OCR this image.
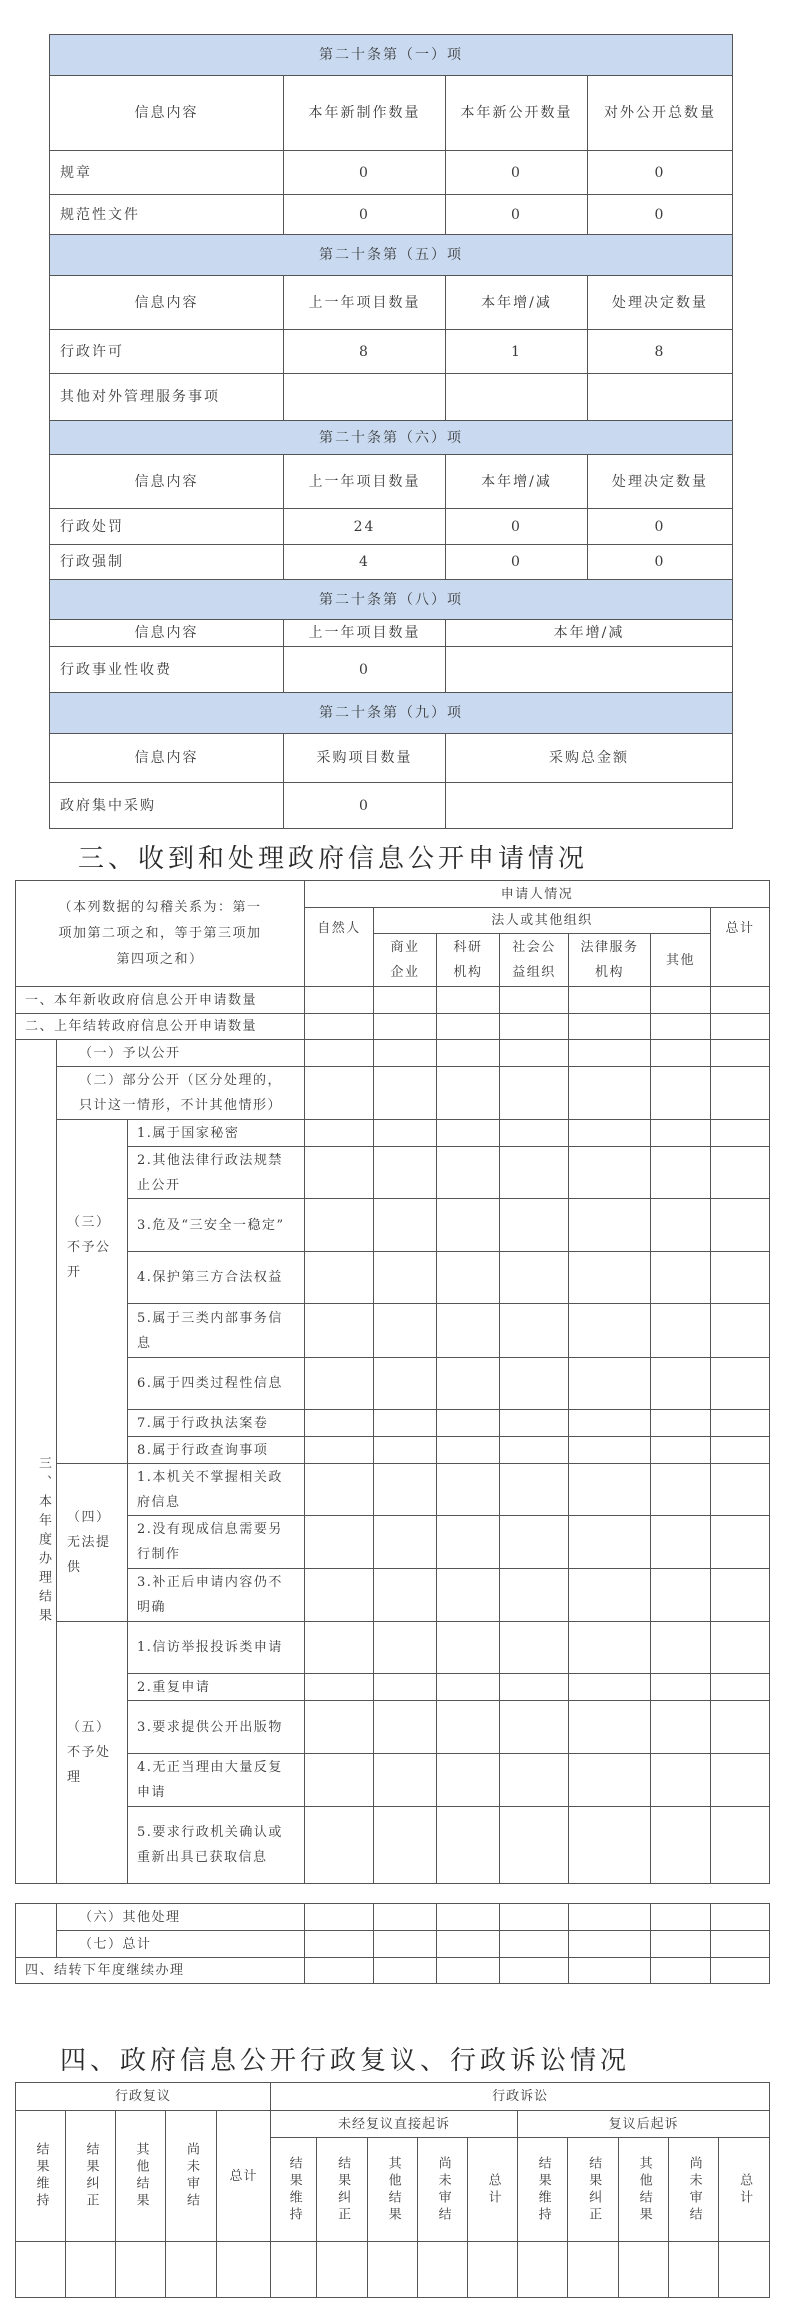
第二十条第（一）项			
信息内容	本年新制作数量	本年新公开数量	对外公开总数量
规章	0	0	0
规范性文件	0	0	0
第二十条第（五）项			
信息内容	上一年项目数量	本年增/减	处理决定数量
行政许可	8	1	8
其他对外管理服务事项			
第二十条第（六）项			
信息内容	上一年项目数量	本年增/减	处理决定数量
行政处罚	24	0	0
行政强制	4	0	0
第二十条第（八）项			
信息内容	上一年项目数量	本年增/减	
行政事业性收费	0		
第二十条第（九）项			
信息内容	采购项目数量	采购总金额	
政府集中采购	0		
三、收到和处理政府信息公开申请情况
（本列数据的勾稽关系为：第一项加第二项之和，等于第三项加第四项之和）			申请人情况						
			自然人	法人或其他组织					总计
				商业企业	科研机构	社会公益组织	法律服务机构	其他	
一、本年新收政府信息公开申请数量									
二、上年结转政府信息公开申请数量									
三、本年度办理结果	（一）予以公开								
	（二）部分公开（区分处理的，只计这一情形，不计其他情形）								
	（三）不予公开	1.属于国家秘密							
		2.其他法律行政法规禁止公开							
		3.危及“三安全一稳定”							
		4.保护第三方合法权益							
		5.属于三类内部事务信息							
		6.属于四类过程性信息							
		7.属于行政执法案卷							
		8.属于行政查询事项							
	（四）无法提供	1.本机关不掌握相关政府信息							
		2.没有现成信息需要另行制作							
		3.补正后申请内容仍不明确							
	（五）不予处理	1.信访举报投诉类申请							
		2.重复申请							
		3.要求提供公开出版物							
		4.无正当理由大量反复申请							
		5.要求行政机关确认或重新出具已获取信息							
	（六）其他处理							
	（七）总计							
四、结转下年度继续办理								
四、政府信息公开行政复议、行政诉讼情况
行政复议					行政诉讼									
结果维持	结果纠正	其他结果	尚未审结	总计	未经复议直接起诉					复议后起诉				
					结果维持	结果纠正	其他结果	尚未审结	总计	结果维持	结果纠正	其他结果	尚未审结	总计
